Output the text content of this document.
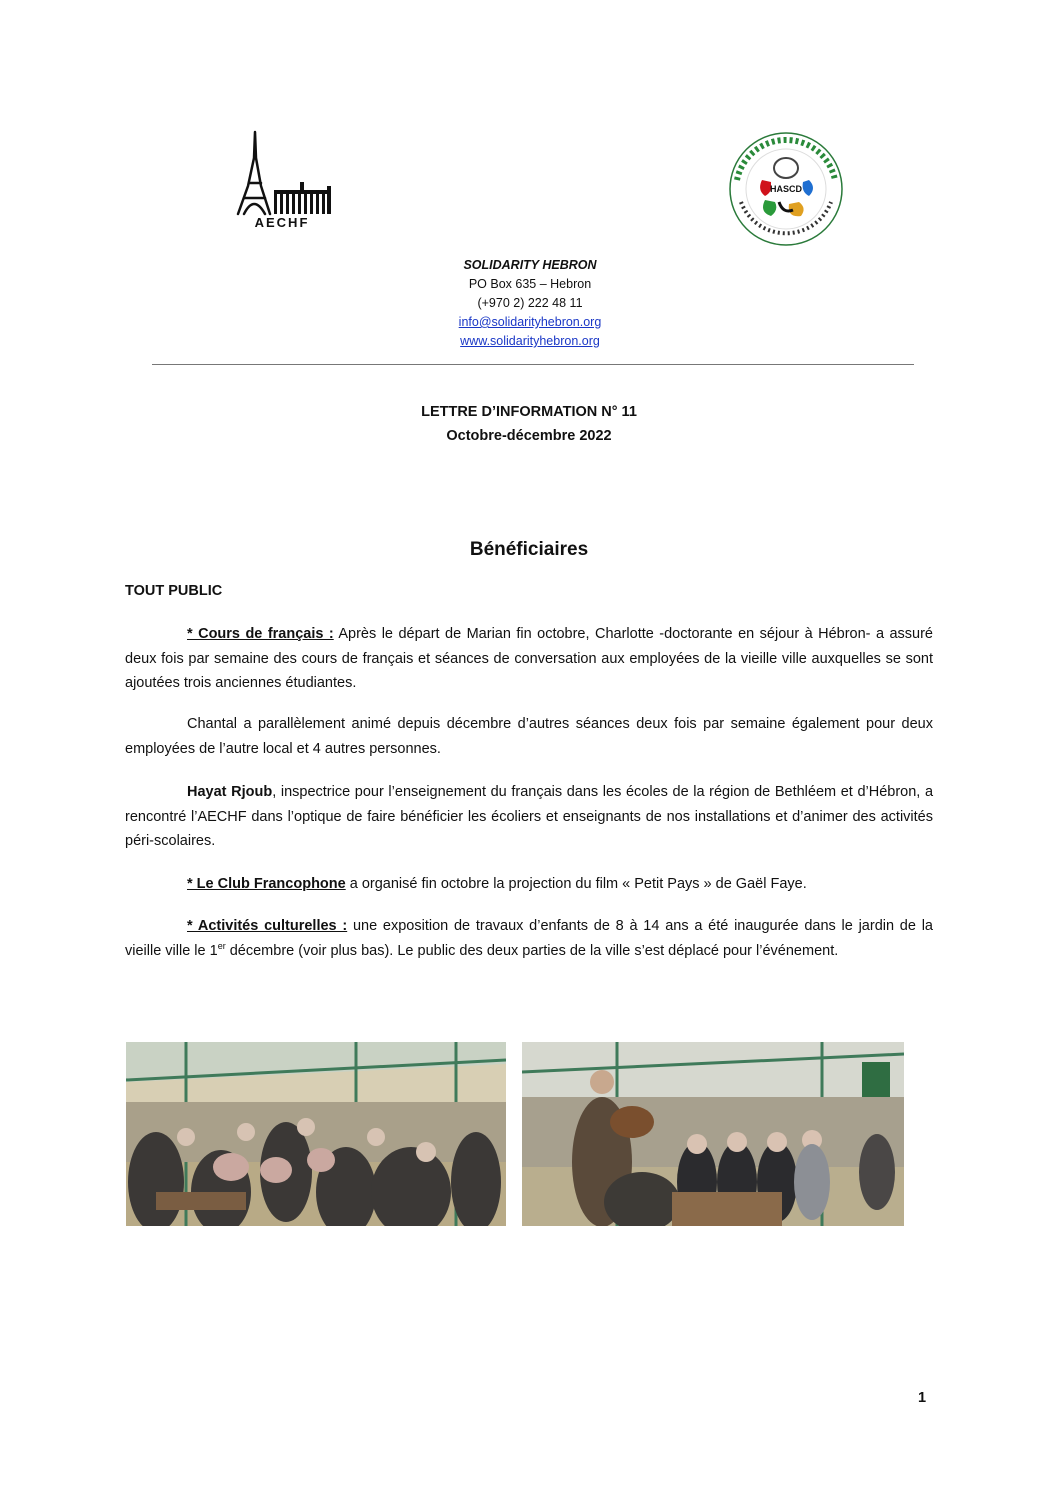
AECHF
HASCD
SOLIDARITY HEBRON
PO Box 635 – Hebron
(+970 2) 222 48 11
info@solidarityhebron.org
www.solidarityhebron.org
LETTRE D’INFORMATION N° 11
Octobre-décembre 2022
Bénéficiaires
TOUT PUBLIC

* Cours de français : Après le départ de Marian fin octobre, Charlotte -doctorante en séjour à Hébron- a assuré deux fois par semaine des cours de français et séances de conversation aux employées de la vieille ville auxquelles se sont ajoutées trois anciennes étudiantes.

Chantal a parallèlement animé depuis décembre d’autres séances deux fois par semaine également pour deux employées de l’autre local et 4 autres personnes.

Hayat Rjoub, inspectrice pour l’enseignement du français dans les écoles de la région de Bethléem et d’Hébron, a rencontré l’AECHF dans l’optique de faire bénéficier les écoliers et enseignants de nos installations et d’animer des activités péri-scolaires.

* Le Club Francophone a organisé fin octobre la projection du film « Petit Pays » de Gaël Faye.

* Activités culturelles : une exposition de travaux d’enfants de 8 à 14 ans a été inaugurée dans le jardin de la vieille ville le 1er décembre (voir plus bas). Le public des deux parties de la ville s’est déplacé pour l’événement.

1
